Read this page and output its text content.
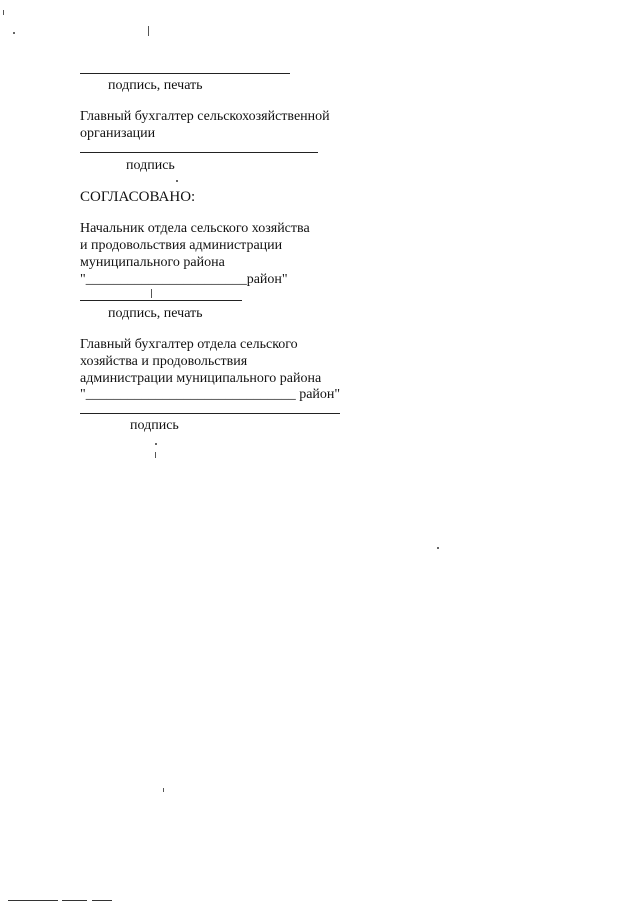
подпись, печать
Главный бухгалтер сельскохозяйственной
организации
подпись
СОГЛАСОВАНО:
Начальник отдела сельского хозяйства
и продовольствия администрации
муниципального района
"_______________________район"
подпись, печать
Главный бухгалтер отдела сельского
хозяйства и продовольствия
администрации муниципального района
"______________________________ район"
подпись
